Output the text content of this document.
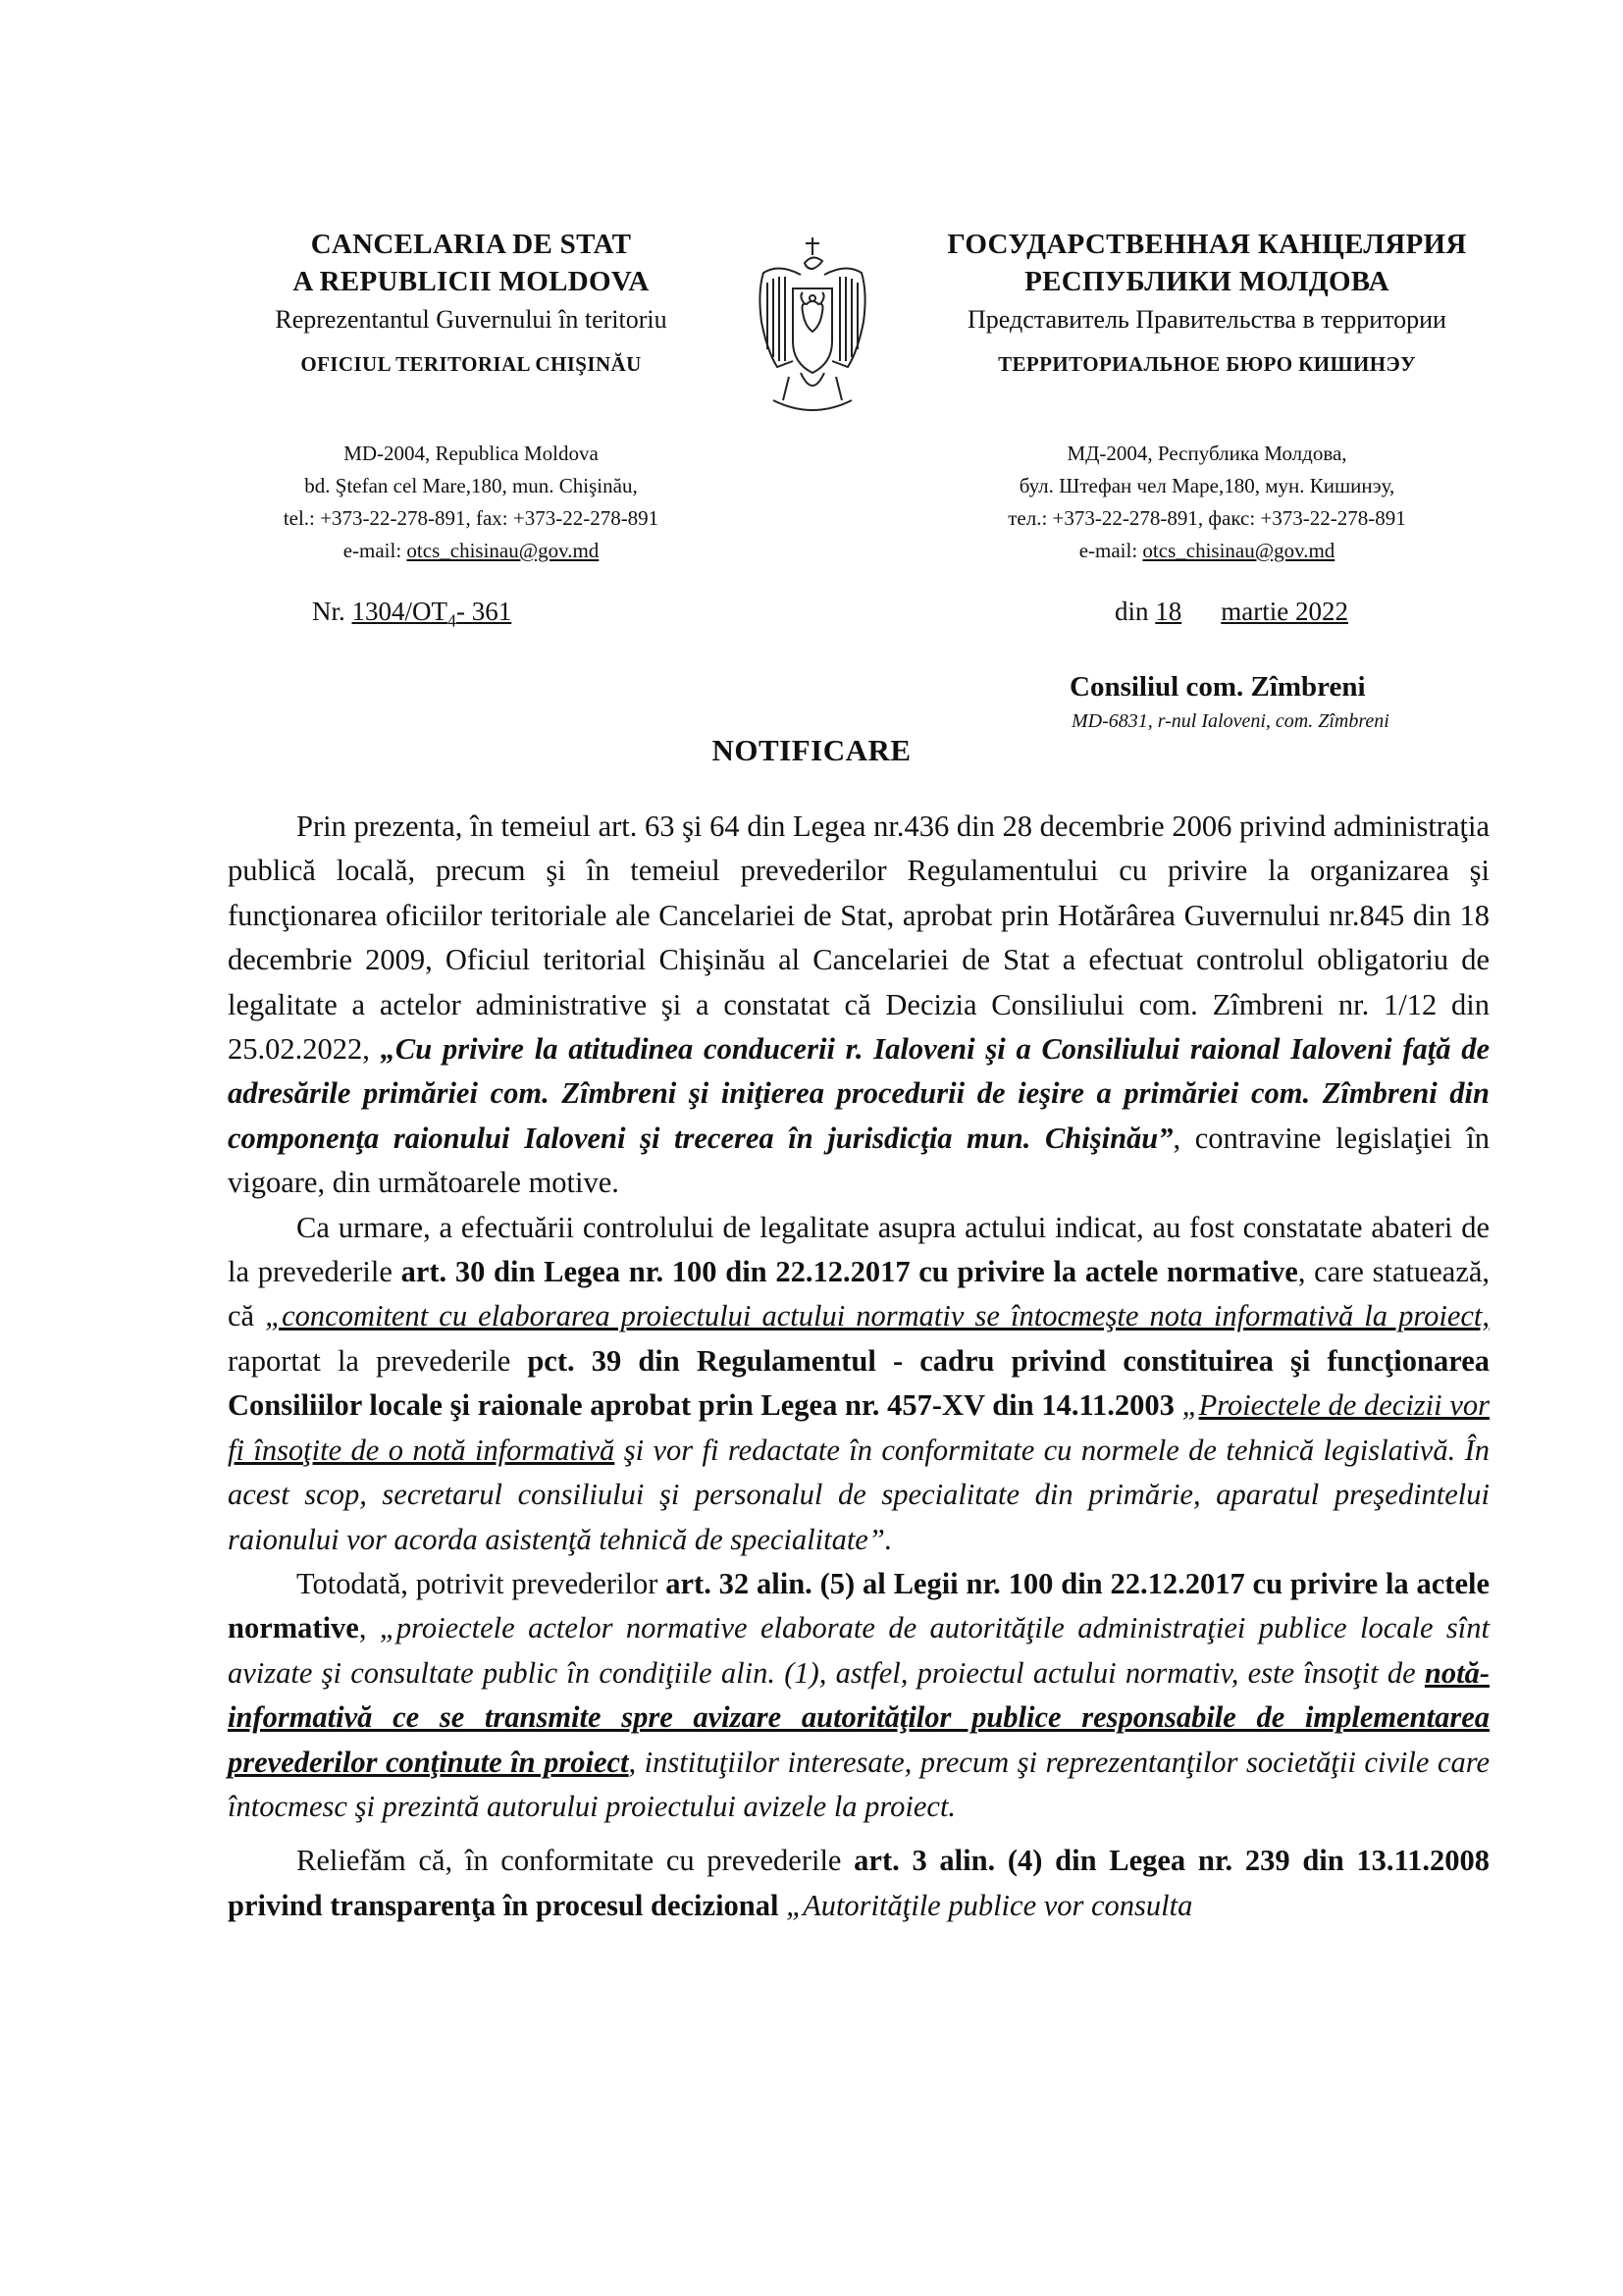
CANCELARIA DE STAT
A REPUBLICII MOLDOVA
Reprezentantul Guvernului în teritoriu
OFICIUL TERITORIAL CHIŞINĂU
ГОСУДАРСТВЕННАЯ КАНЦЕЛЯРИЯ
РЕСПУБЛИКИ МОЛДОВА
Представитель Правительства в территории
ТЕРРИТОРИАЛЬНОЕ БЮРО КИШИНЭУ
MD-2004, Republica Moldova
bd. Ştefan cel Mare,180, mun. Chişinău,
tel.: +373-22-278-891, fax: +373-22-278-891
e-mail: otcs_chisinau@gov.md
МД-2004, Республика Молдова,
бул. Штефан чел Маре,180, мун. Кишинэу,
тел.: +373-22-278-891, факс: +373-22-278-891
e-mail: otcs_chisinau@gov.md
Nr. $1304/OT_4-$ 361	din 18 martie 2022
Consiliul com. Zîmbreni
MD-6831, r-nul Ialoveni, com. Zîmbreni
NOTIFICARE

Prin prezenta, în temeiul art. 63 şi 64 din Legea nr.436 din 28 decembrie 2006 privind administraţia publică locală, precum şi în temeiul prevederilor Regulamentului cu privire la organizarea şi funcţionarea oficiilor teritoriale ale Cancelariei de Stat, aprobat prin Hotărârea Guvernului nr.845 din 18 decembrie 2009, Oficiul teritorial Chişinău al Cancelariei de Stat a efectuat controlul obligatoriu de legalitate a actelor administrative şi a constatat că Decizia Consiliului com. Zîmbreni nr. 1/12 din 25.02.2022, „Cu privire la atitudinea conducerii r. Ialoveni şi a Consiliului raional Ialoveni faţă de adresările primăriei com. Zîmbreni şi iniţierea procedurii de ieşire a primăriei com. Zîmbreni din componenţa raionului Ialoveni şi trecerea în jurisdicţia mun. Chişinău”, contravine legislaţiei în vigoare, din următoarele motive.

Ca urmare, a efectuării controlului de legalitate asupra actului indicat, au fost constatate abateri de la prevederile art. 30 din Legea nr. 100 din 22.12.2017 cu privire la actele normative, care statuează, că „concomitent cu elaborarea proiectului actului normativ se întocmeşte nota informativă la proiect, raportat la prevederile pct. 39 din Regulamentul - cadru privind constituirea şi funcţionarea Consiliilor locale şi raionale aprobat prin Legea nr. 457-XV din 14.11.2003 „Proiectele de decizii vor fi însoţite de o notă informativă şi vor fi redactate în conformitate cu normele de tehnică legislativă. În acest scop, secretarul consiliului şi personalul de specialitate din primărie, aparatul preşedintelui raionului vor acorda asistenţă tehnică de specialitate”.

Totodată, potrivit prevederilor art. 32 alin. (5) al Legii nr. 100 din 22.12.2017 cu privire la actele normative, „proiectele actelor normative elaborate de autorităţile administraţiei publice locale sînt avizate şi consultate public în condiţiile alin. (1), astfel, proiectul actului normativ, este însoţit de notă-informativă ce se transmite spre avizare autorităţilor publice responsabile de implementarea prevederilor conţinute în proiect, instituţiilor interesate, precum şi reprezentanţilor societăţii civile care întocmesc şi prezintă autorului proiectului avizele la proiect.

Reliefăm că, în conformitate cu prevederile art. 3 alin. (4) din Legea nr. 239 din 13.11.2008 privind transparenţa în procesul decizional „Autorităţile publice vor consulta
